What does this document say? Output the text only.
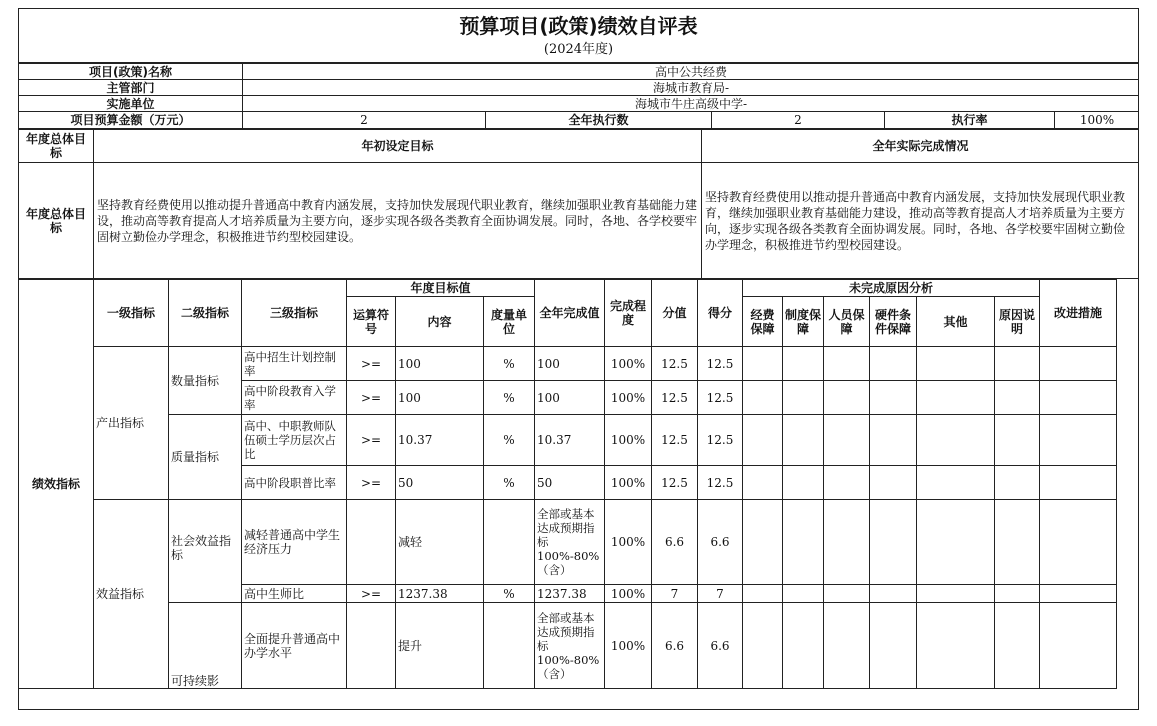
预算项目(政策)绩效自评表
(2024年度)
项目(政策)名称	高中公共经费				
主管部门	海城市教育局-				
实施单位	海城市牛庄高级中学-				
项目预算金额（万元）	2	全年执行数	2	执行率	100%
年度总体目标	年初设定目标	全年实际完成情况
年度总体目标	坚持教育经费使用以推动提升普通高中教育内涵发展，支持加快发展现代职业教育，继续加强职业教育基础能力建设，推动高等教育提高人才培养质量为主要方向，逐步实现各级各类教育全面协调发展。同时，各地、各学校要牢固树立勤俭办学理念，积极推进节约型校园建设。	坚持教育经费使用以推动提升普通高中教育内涵发展，支持加快发展现代职业教育，继续加强职业教育基础能力建设，推动高等教育提高人才培养质量为主要方向，逐步实现各级各类教育全面协调发展。同时，各地、各学校要牢固树立勤俭办学理念，积极推进节约型校园建设。
绩效指标	一级指标	二级指标	三级指标	年度目标值			全年完成值	完成程度	分值	得分	未完成原因分析						改进措施
				运算符号	内容	度量单位					经费保障	制度保障	人员保障	硬件条件保障	其他	原因说明	
	产出指标	数量指标	高中招生计划控制率	>=	100	%	100	100%	12.5	12.5							
			高中阶段教育入学率	>=	100	%	100	100%	12.5	12.5							
		质量指标	高中、中职教师队伍硕士学历层次占比	>=	10.37	%	10.37	100%	12.5	12.5							
			高中阶段职普比率	>=	50	%	50	100%	12.5	12.5							
	效益指标	社会效益指标	减轻普通高中学生经济压力		减轻		全部或基本达成预期指标100%-80%（含）	100%	6.6	6.6							
			高中生师比	>=	1237.38	%	1237.38	100%	7	7							
		可持续影	全面提升普通高中办学水平		提升		全部或基本达成预期指标100%-80%（含）	100%	6.6	6.6							
